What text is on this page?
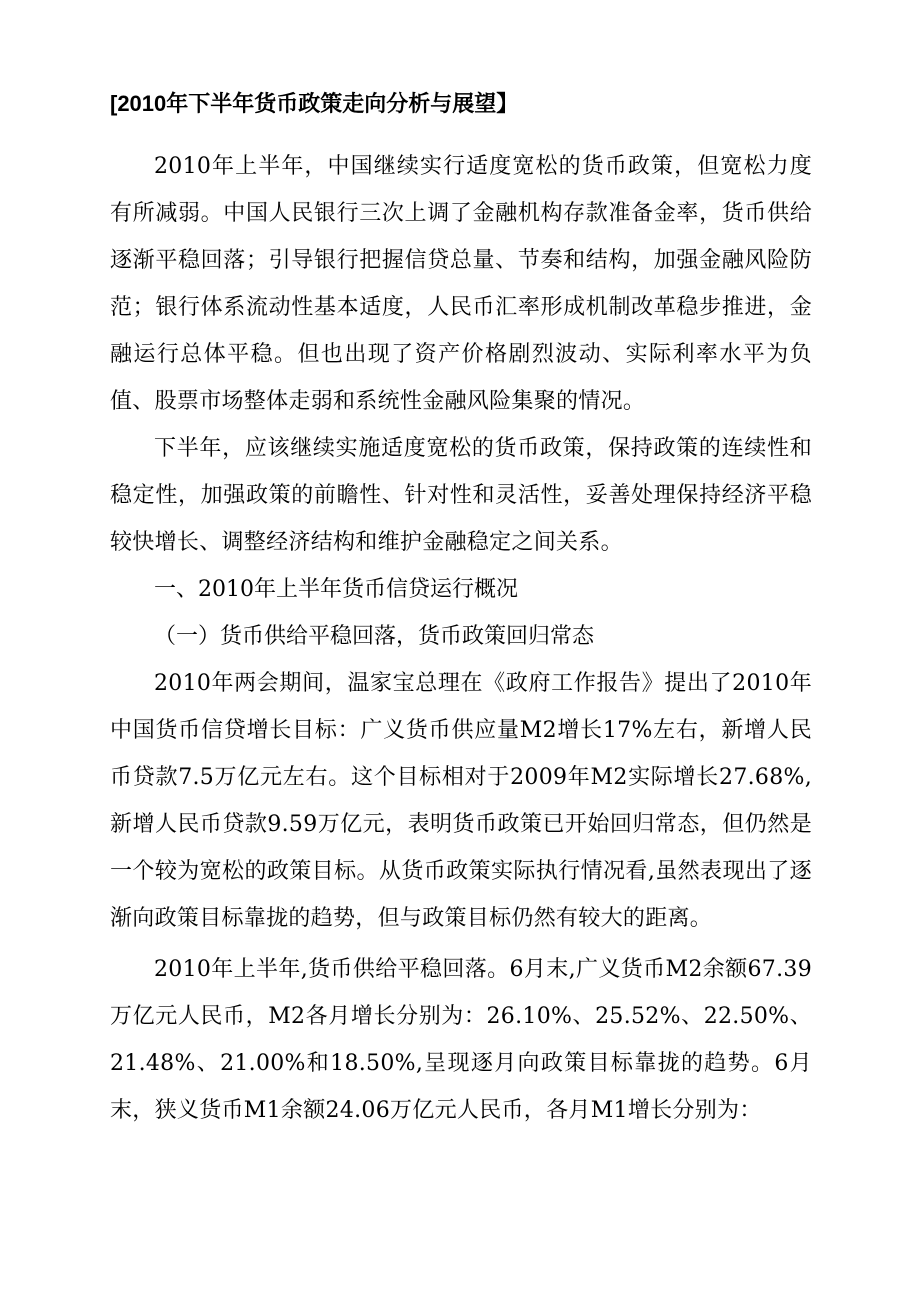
[2010年下半年货币政策走向分析与展望】

2010年上半年，中国继续实行适度宽松的货币政策，但宽松力度有所减弱。中国人民银行三次上调了金融机构存款准备金率，货币供给逐渐平稳回落；引导银行把握信贷总量、节奏和结构，加强金融风险防范；银行体系流动性基本适度，人民币汇率形成机制改革稳步推进，金融运行总体平稳。但也出现了资产价格剧烈波动、实际利率水平为负值、股票市场整体走弱和系统性金融风险集聚的情况。

下半年，应该继续实施适度宽松的货币政策，保持政策的连续性和稳定性，加强政策的前瞻性、针对性和灵活性，妥善处理保持经济平稳较快增长、调整经济结构和维护金融稳定之间关系。

一、2010年上半年货币信贷运行概况

（一）货币供给平稳回落，货币政策回归常态

2010年两会期间，温家宝总理在《政府工作报告》提出了2010年中国货币信贷增长目标：广义货币供应量M2增长17%左右，新增人民币贷款7.5万亿元左右。这个目标相对于2009年M2实际增长27.68%,新增人民币贷款9.59万亿元，表明货币政策已开始回归常态，但仍然是一个较为宽松的政策目标。从货币政策实际执行情况看,虽然表现出了逐渐向政策目标靠拢的趋势，但与政策目标仍然有较大的距离。

2010年上半年,货币供给平稳回落。6月末,广义货币M2余额67.39万亿元人民币，M2各月增长分别为：26.10%、25.52%、22.50%、21.48%、21.00%和18.50%,呈现逐月向政策目标靠拢的趋势。6月末，狭义货币M1余额24.06万亿元人民币，各月M1增长分别为：
